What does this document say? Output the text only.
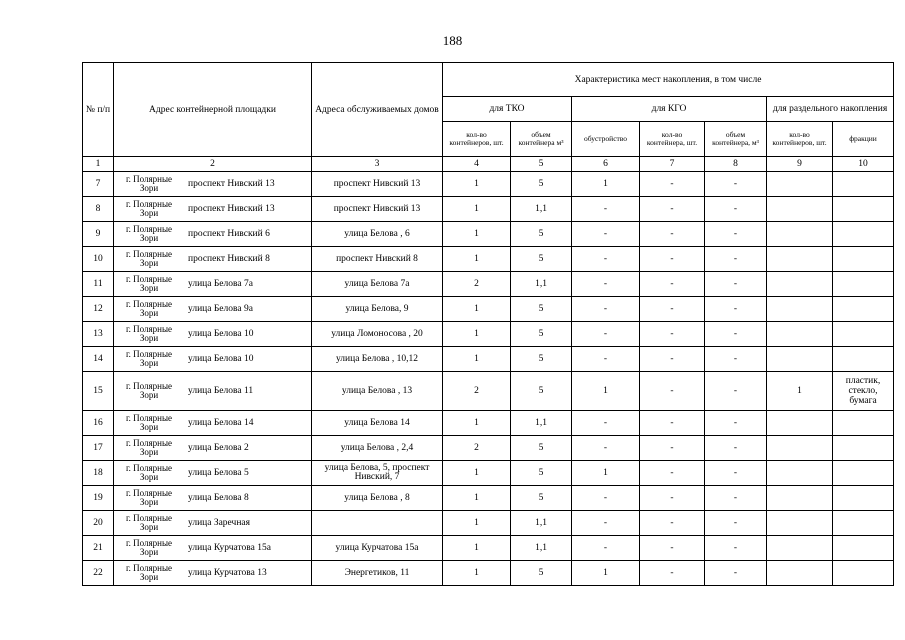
188
№ п/п	Адрес контейнерной площадки	Адреса обслуживаемых домов	Характеристика мест накопления, в том числе						
			для ТКО		для КГО			для раздельного накопления	
			кол-во контейнеров, шт.	объем контейнера м³	обустройство	кол-во контейнера, шт.	объем контейнера, м³	кол-во контейнеров, шт.	фракции
1	2	3	4	5	6	7	8	9	10
7	г. Полярные Зори проспект Нивский 13	проспект Нивский 13	1	5	1	-	-		
8	г. Полярные Зори проспект Нивский 13	проспект Нивский 13	1	1,1	-	-	-		
9	г. Полярные Зори проспект Нивский 6	улица Белова , 6	1	5	-	-	-		
10	г. Полярные Зори проспект Нивский 8	проспект Нивский 8	1	5	-	-	-		
11	г. Полярные Зори улица Белова 7а	улица Белова 7а	2	1,1	-	-	-		
12	г. Полярные Зори улица Белова 9а	улица Белова, 9	1	5	-	-	-		
13	г. Полярные Зори улица Белова 10	улица Ломоносова , 20	1	5	-	-	-		
14	г. Полярные Зори улица Белова 10	улица Белова , 10,12	1	5	-	-	-		
15	г. Полярные Зори улица Белова 11	улица Белова , 13	2	5	1	-	-	1	пластик, стекло, бумага
16	г. Полярные Зори улица Белова 14	улица Белова 14	1	1,1	-	-	-		
17	г. Полярные Зори улица Белова 2	улица Белова , 2,4	2	5	-	-	-		
18	г. Полярные Зори улица Белова 5	улица Белова, 5, проспект Нивский, 7	1	5	1	-	-		
19	г. Полярные Зори улица Белова 8	улица Белова , 8	1	5	-	-	-		
20	г. Полярные Зори улица Заречная		1	1,1	-	-	-		
21	г. Полярные Зори улица Курчатова 15а	улица Курчатова 15а	1	1,1	-	-	-		
22	г. Полярные Зори улица Курчатова 13	Энергетиков, 11	1	5	1	-	-		
